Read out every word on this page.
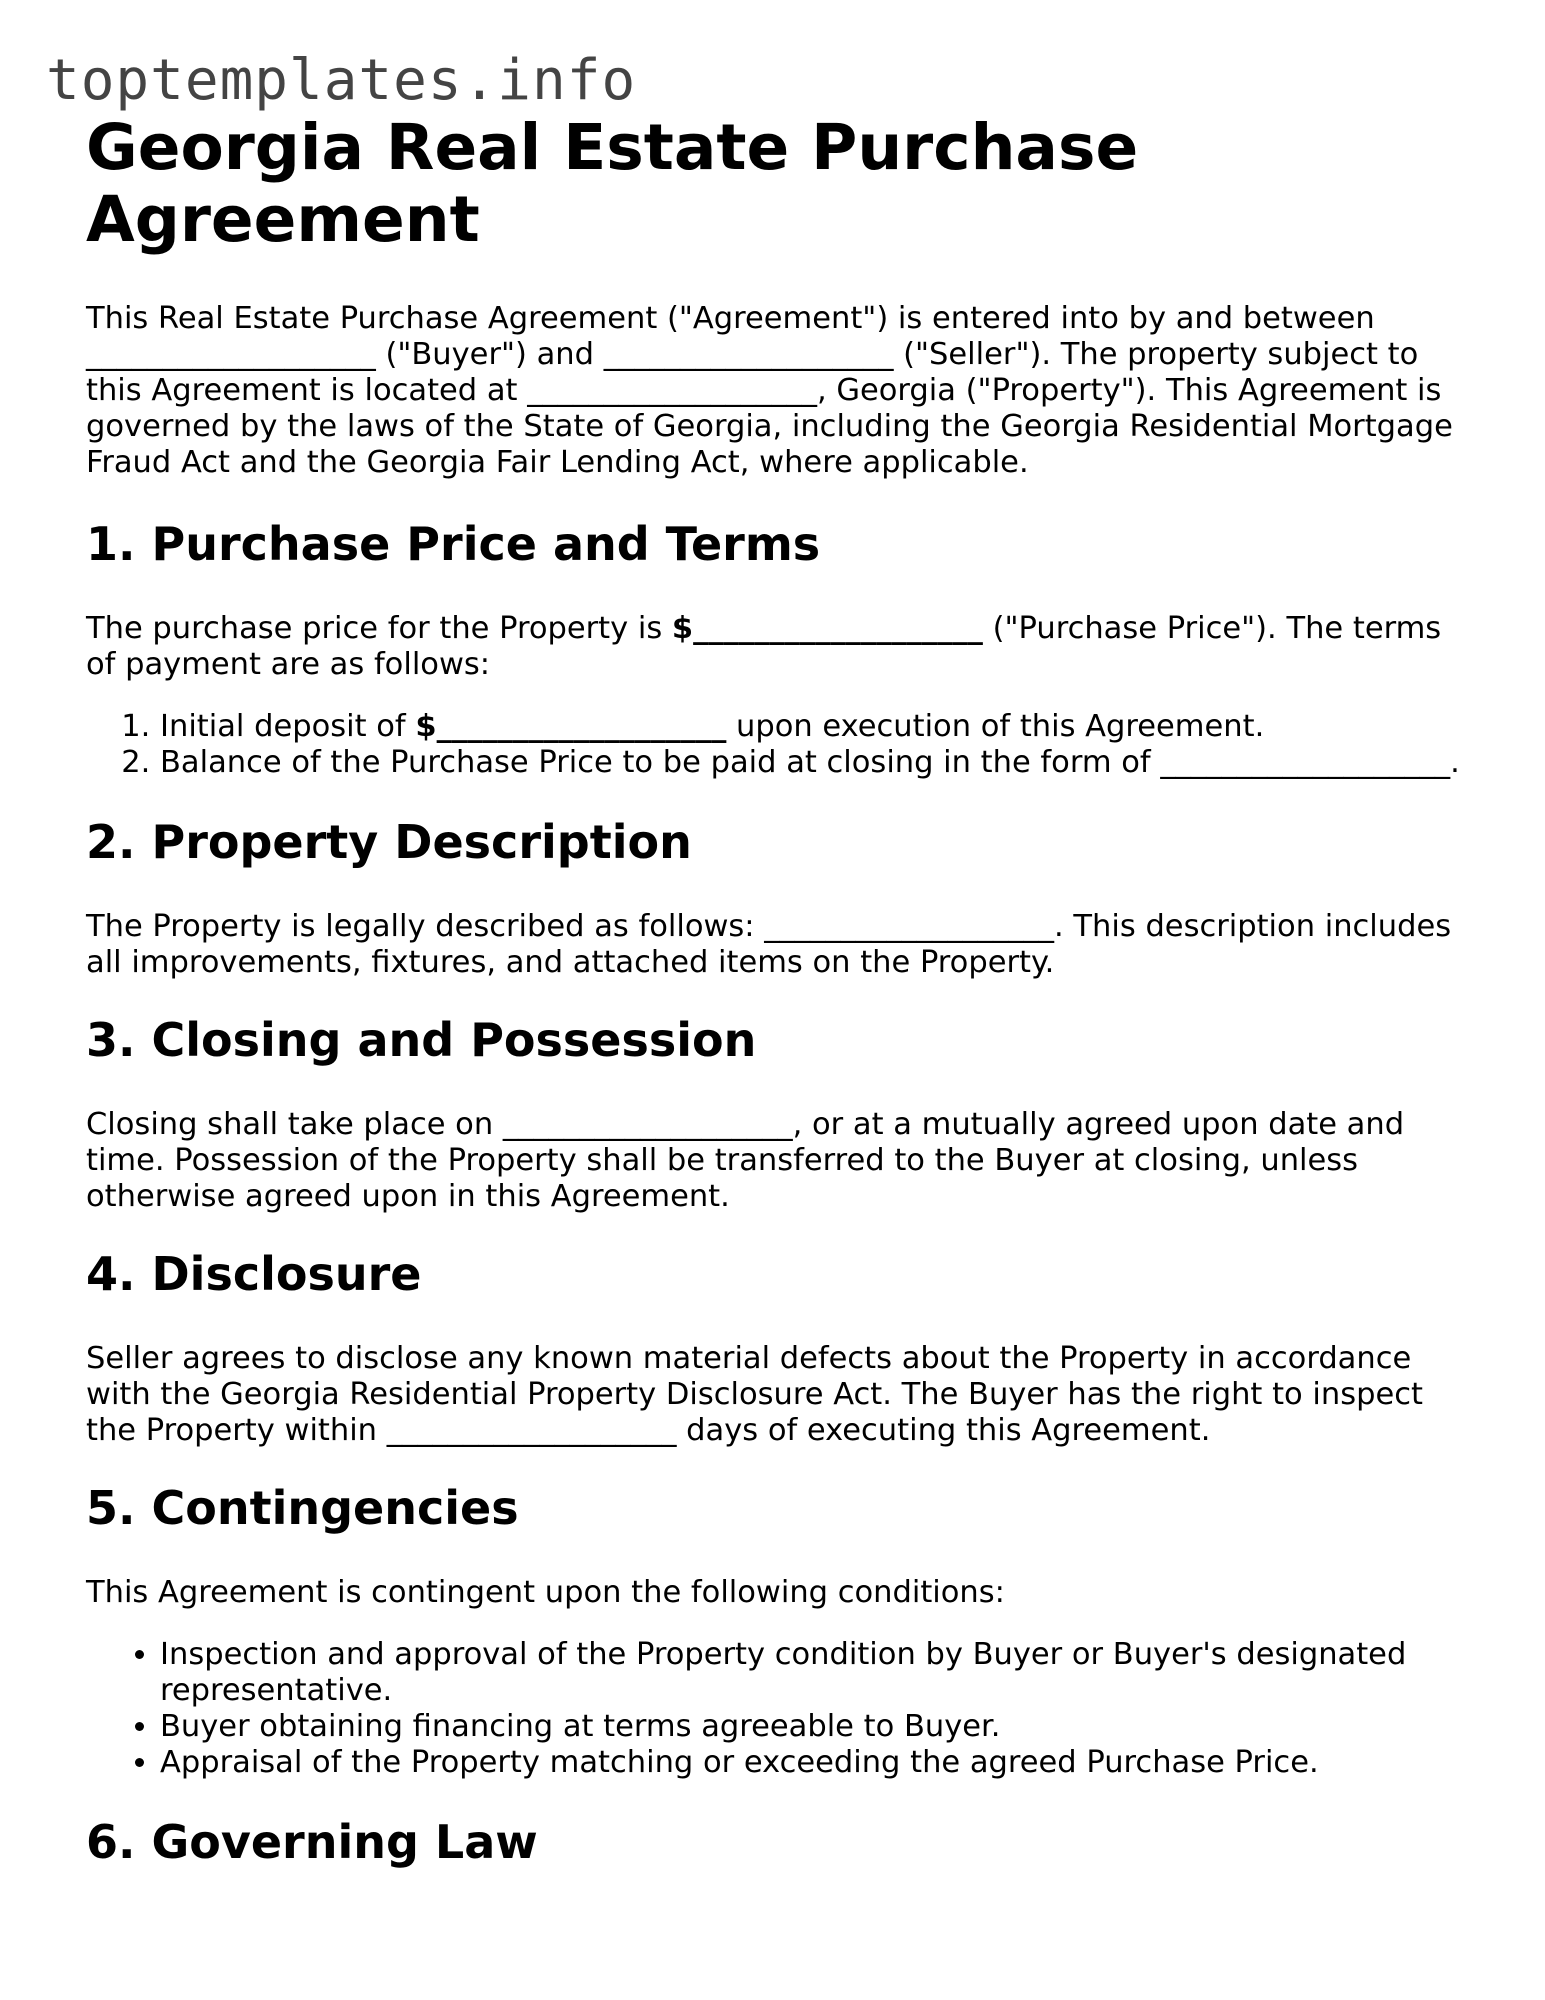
toptemplates.info
Georgia Real Estate Purchase Agreement

This Real Estate Purchase Agreement ("Agreement") is entered into by and between ___________________ ("Buyer") and ___________________ ("Seller"). The property subject to this Agreement is located at ___________________, Georgia ("Property"). This Agreement is governed by the laws of the State of Georgia, including the Georgia Residential Mortgage Fraud Act and the Georgia Fair Lending Act, where applicable.

1. Purchase Price and Terms

The purchase price for the Property is $___________________ ("Purchase Price"). The terms of payment are as follows:

1. Initial deposit of $___________________ upon execution of this Agreement.
2. Balance of the Purchase Price to be paid at closing in the form of ___________________.
2. Property Description

The Property is legally described as follows: ___________________. This description includes all improvements, fixtures, and attached items on the Property.

3. Closing and Possession

Closing shall take place on ___________________, or at a mutually agreed upon date and time. Possession of the Property shall be transferred to the Buyer at closing, unless otherwise agreed upon in this Agreement.

4. Disclosure

Seller agrees to disclose any known material defects about the Property in accordance with the Georgia Residential Property Disclosure Act. The Buyer has the right to inspect the Property within ___________________ days of executing this Agreement.

5. Contingencies

This Agreement is contingent upon the following conditions:

• Inspection and approval of the Property condition by Buyer or Buyer's designated representative.
• Buyer obtaining financing at terms agreeable to Buyer.
• Appraisal of the Property matching or exceeding the agreed Purchase Price.
6. Governing Law
